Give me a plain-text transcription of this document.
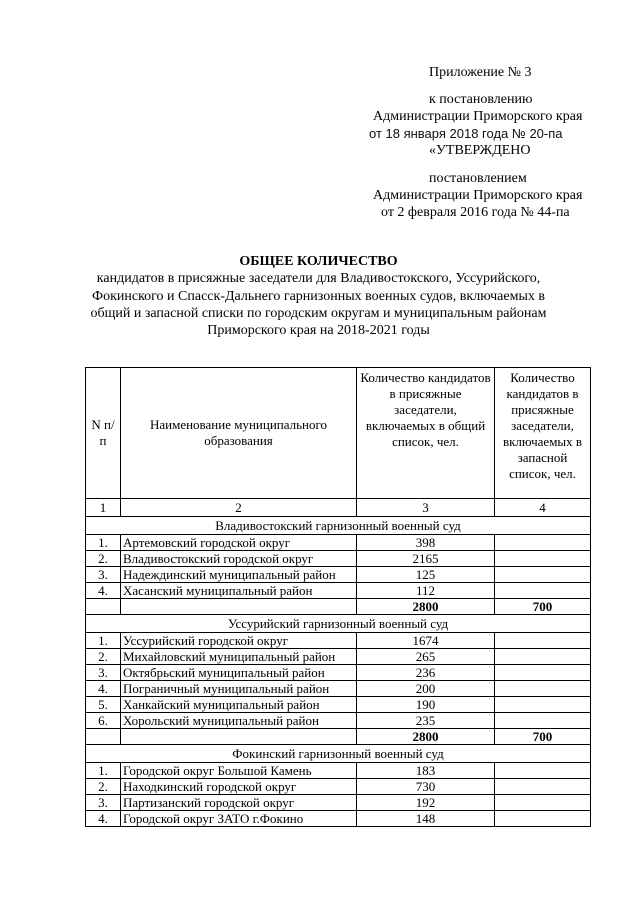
Приложение № 3
к постановлению
Администрации Приморского края
от 18 января 2018 года № 20-па
«УТВЕРЖДЕНО
постановлением
Администрации Приморского края
от 2 февраля 2016 года № 44-па
ОБЩЕЕ КОЛИЧЕСТВО
кандидатов в присяжные заседатели для Владивостокского, Уссурийского,
Фокинского и Спасск-Дальнего гарнизонных военных судов, включаемых в
общий и запасной списки по городским округам и муниципальным районам
Приморского края на 2018-2021 годы
N п/п	Наименование муниципального образования	Количество кандидатов в присяжные заседатели, включаемых в общий список, чел.	Количество кандидатов в присяжные заседатели, включаемых в запасной список, чел.
1	2	3	4
Владивостокский гарнизонный военный суд			
1.	Артемовский городской округ	398	
2.	Владивостокский городской округ	2165	
3.	Надеждинский муниципальный район	125	
4.	Хасанский муниципальный район	112	
		2800	700
Уссурийский гарнизонный военный суд			
1.	Уссурийский городской округ	1674	
2.	Михайловский муниципальный район	265	
3.	Октябрьский муниципальный район	236	
4.	Пограничный муниципальный район	200	
5.	Ханкайский муниципальный район	190	
6.	Хорольский муниципальный район	235	
		2800	700
Фокинский гарнизонный военный суд			
1.	Городской округ Большой Камень	183	
2.	Находкинский городской округ	730	
3.	Партизанский городской округ	192	
4.	Городской округ ЗАТО г.Фокино	148	
